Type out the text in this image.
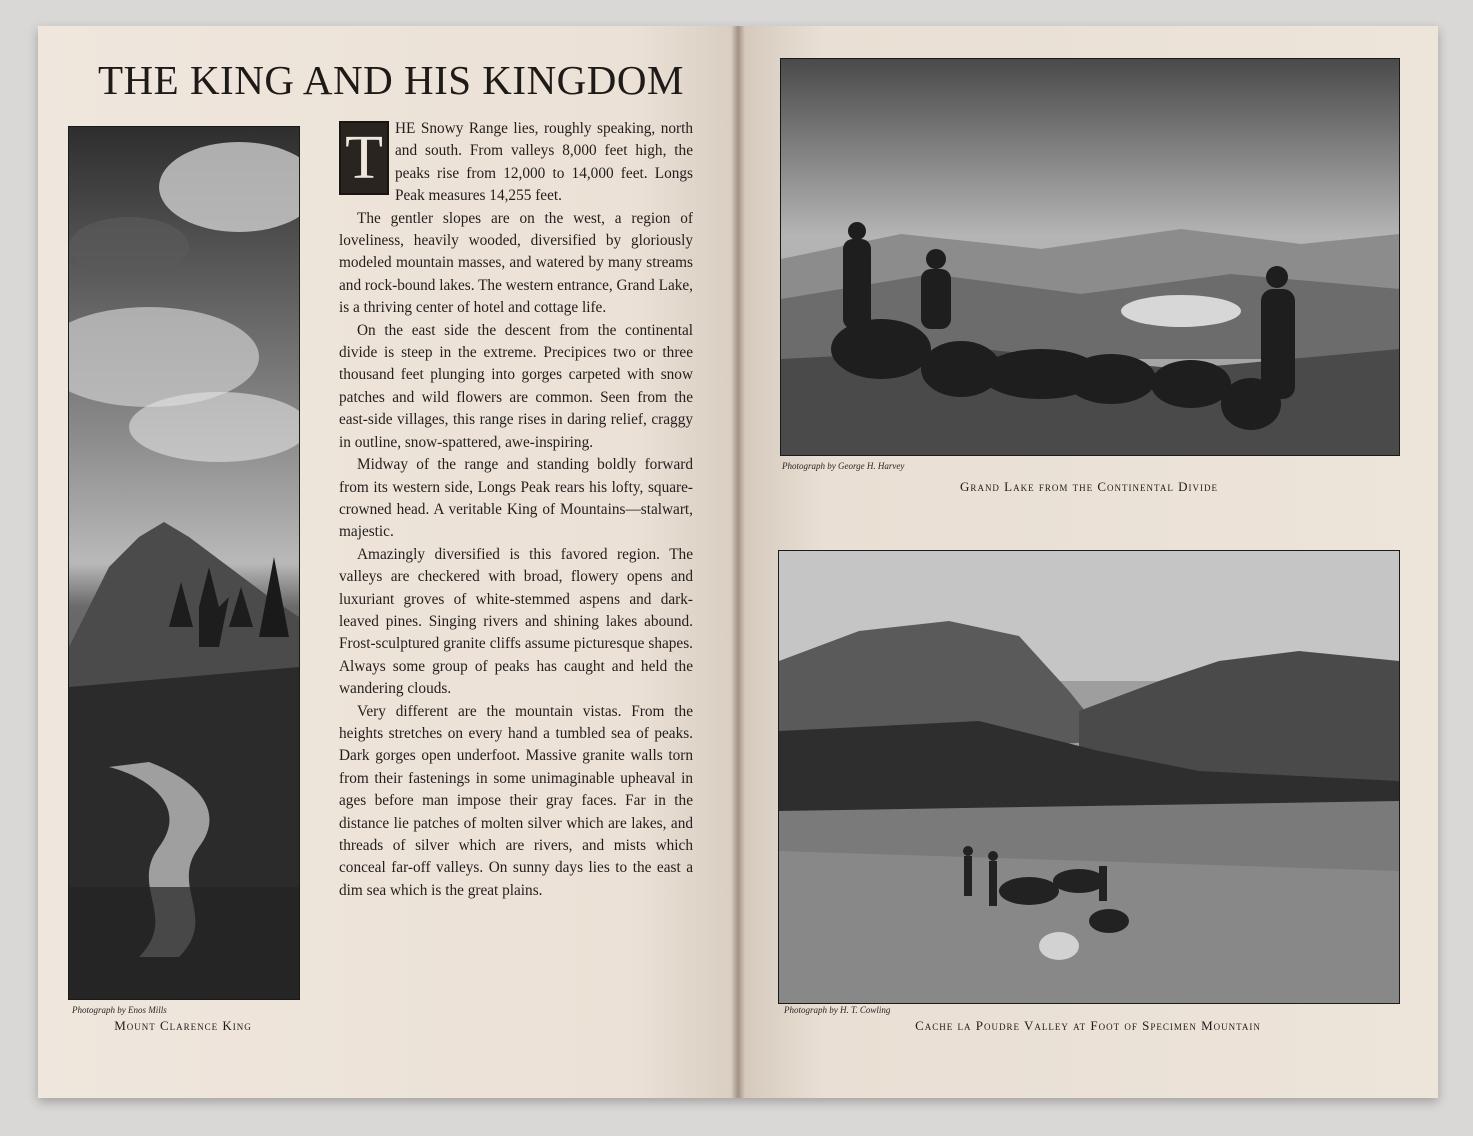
THE KING AND HIS KINGDOM
Photograph by Enos Mills
Mount Clarence King

T HE Snowy Range lies, roughly speaking, north and south. From valleys 8,000 feet high, the peaks rise from 12,000 to 14,000 feet. Longs Peak measures 14,255 feet.

The gentler slopes are on the west, a region of loveliness, heavily wooded, diversified by gloriously modeled mountain masses, and watered by many streams and rock-bound lakes. The western entrance, Grand Lake, is a thriving center of hotel and cottage life.

On the east side the descent from the continental divide is steep in the extreme. Precipices two or three thousand feet plunging into gorges carpeted with snow patches and wild flowers are common. Seen from the east-side villages, this range rises in daring relief, craggy in outline, snow-spattered, awe-inspiring.

Midway of the range and standing boldly forward from its western side, Longs Peak rears his lofty, square-crowned head. A veritable King of Mountains—stalwart, majestic.

Amazingly diversified is this favored region. The valleys are checkered with broad, flowery opens and luxuriant groves of white-stemmed aspens and dark-leaved pines. Singing rivers and shining lakes abound. Frost-sculptured granite cliffs assume picturesque shapes. Always some group of peaks has caught and held the wandering clouds.

Very different are the mountain vistas. From the heights stretches on every hand a tumbled sea of peaks. Dark gorges open underfoot. Massive granite walls torn from their fastenings in some unimaginable upheaval in ages before man impose their gray faces. Far in the distance lie patches of molten silver which are lakes, and threads of silver which are rivers, and mists which conceal far-off valleys. On sunny days lies to the east a dim sea which is the great plains.

Photograph by George H. Harvey
Grand Lake from the Continental Divide
Photograph by H. T. Cowling
Cache la Poudre Valley at Foot of Specimen Mountain
